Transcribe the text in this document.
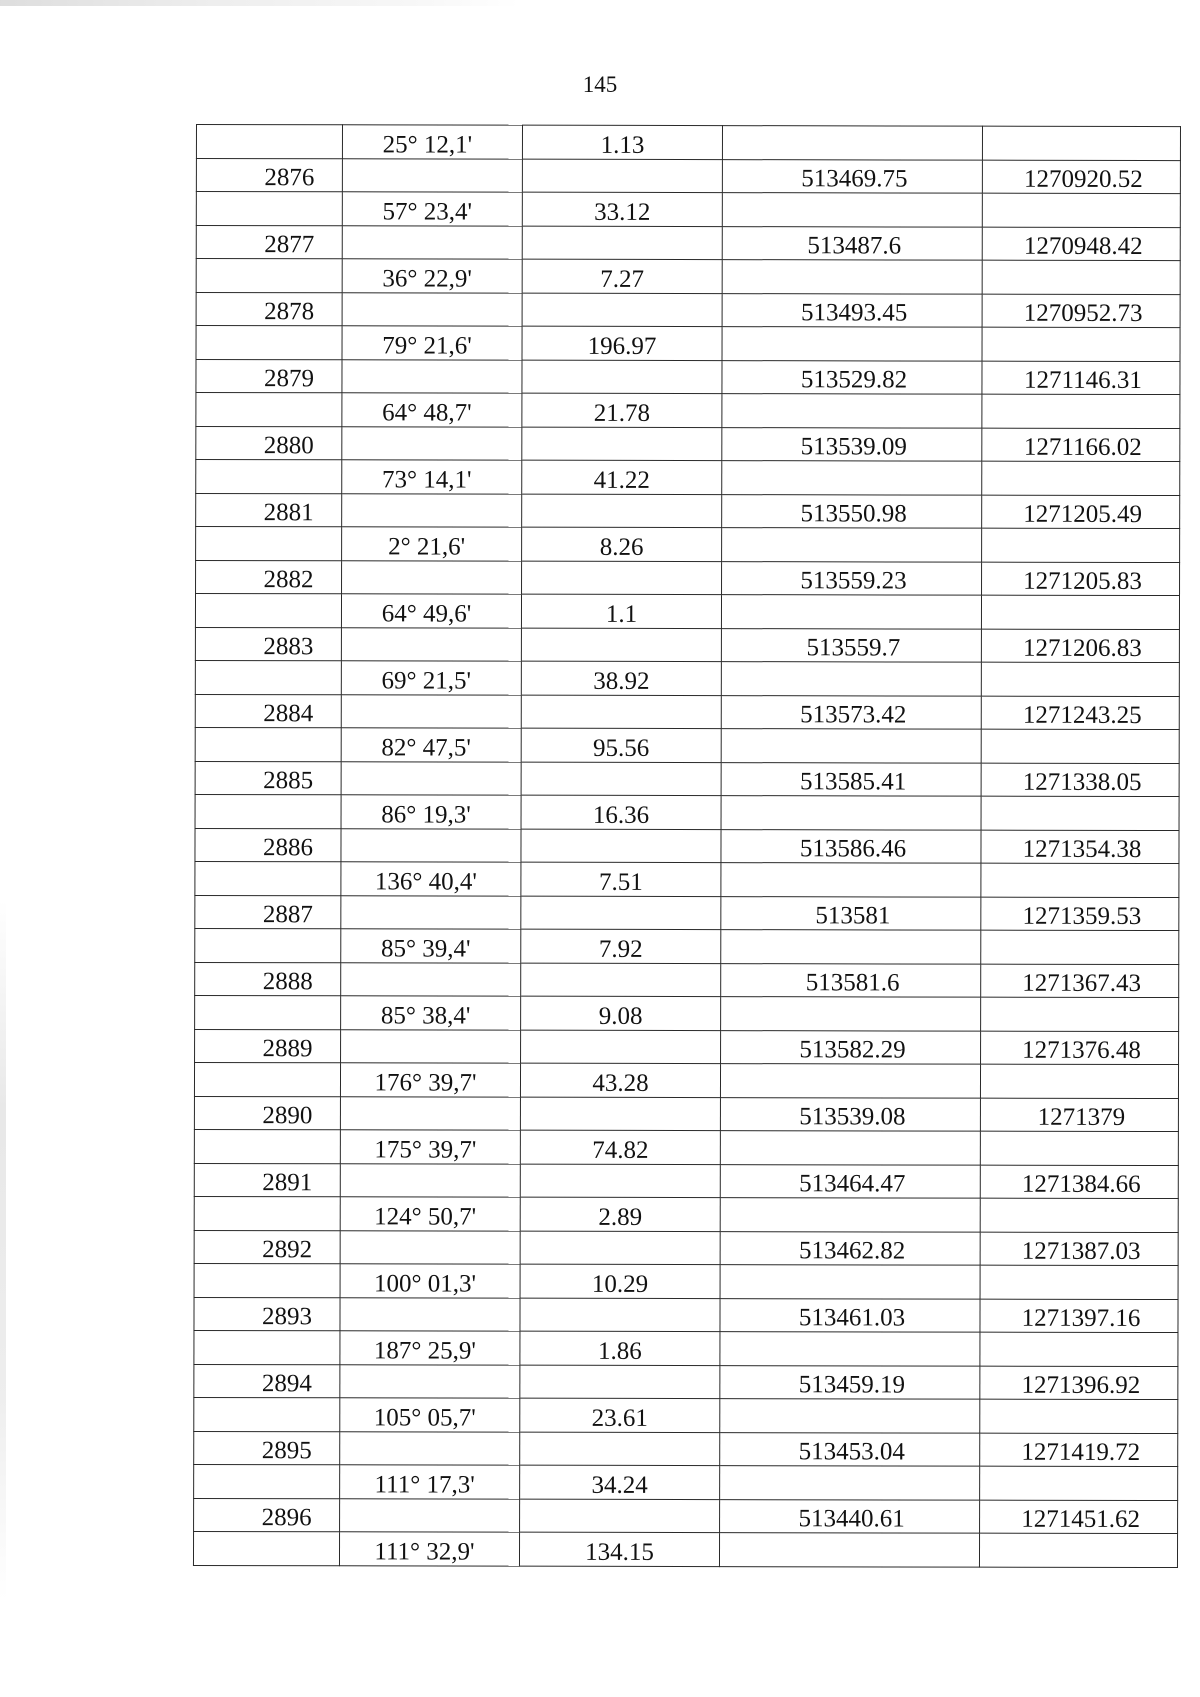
145
	25° 12,1'	1.13		
2876			513469.75	1270920.52
	57° 23,4'	33.12		
2877			513487.6	1270948.42
	36° 22,9'	7.27		
2878			513493.45	1270952.73
	79° 21,6'	196.97		
2879			513529.82	1271146.31
	64° 48,7'	21.78		
2880			513539.09	1271166.02
	73° 14,1'	41.22		
2881			513550.98	1271205.49
	2° 21,6'	8.26		
2882			513559.23	1271205.83
	64° 49,6'	1.1		
2883			513559.7	1271206.83
	69° 21,5'	38.92		
2884			513573.42	1271243.25
	82° 47,5'	95.56		
2885			513585.41	1271338.05
	86° 19,3'	16.36		
2886			513586.46	1271354.38
	136° 40,4'	7.51		
2887			513581	1271359.53
	85° 39,4'	7.92		
2888			513581.6	1271367.43
	85° 38,4'	9.08		
2889			513582.29	1271376.48
	176° 39,7'	43.28		
2890			513539.08	1271379
	175° 39,7'	74.82		
2891			513464.47	1271384.66
	124° 50,7'	2.89		
2892			513462.82	1271387.03
	100° 01,3'	10.29		
2893			513461.03	1271397.16
	187° 25,9'	1.86		
2894			513459.19	1271396.92
	105° 05,7'	23.61		
2895			513453.04	1271419.72
	111° 17,3'	34.24		
2896			513440.61	1271451.62
	111° 32,9'	134.15		
